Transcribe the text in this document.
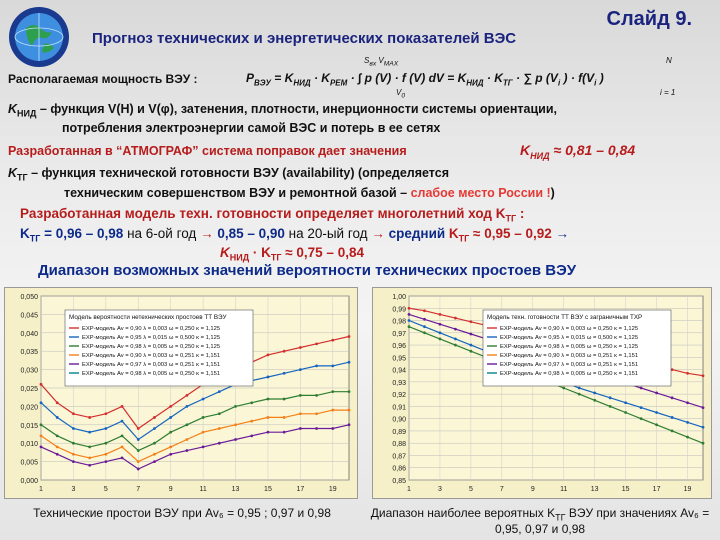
Слайд 9.
Прогноз технических и энергетических показателей ВЭС
Располагаемая мощность ВЭУ :
$S_{вх}$ $V_{MAX}$	N
$P_{ВЭУ} = K_{НИД} \cdot K_{РЕМ}$ · ∫ p (V) · f (V) dV = $K_{НИД} \cdot K_{ТГ}$ · ∑ p ($V_i$ ) · $f(V_i$ )
$V_0$	i = 1
$K_{НИД}$ – функция V(H) и V(φ), затенения, плотности, инерционности системы ориентации,
потребления электроэнергии самой ВЭС и потерь в ее сетях
Разработанная в “АТМОГРАФ” система поправок дает значения	$K_{НИД} \approx 0,81 - 0,84$
$K_{ТГ}$ – функция технической готовности ВЭУ (availability) (определяется
техническим совершенством ВЭУ и ремонтной базой – слабое место России !)
Разработанная модель техн. готовности определяет многолетний ход $K_{ТГ}$ :
$K_{ТГ} = 0,96 - 0,98$ на 6-ой год → 0,85 – 0,90 на 20-ый год → средний $K_{ТГ} \approx 0,95 - 0,92$ →
$K_{НИД} \cdot K_{ТГ} \approx 0,75 - 0,84$
Диапазон возможных значений вероятности технических простоев ВЭУ
0,050
0,045
0,040
0,035
0,030
0,025
0,020
0,015
0,010
0,005
0,000
1	3	5	7	9	11	13	15	17	19
Модель вероятности нетехнических простоев ТТ ВЭУ
ЕХР-модель Av = 0,90 λ = 0,003 ω = 0,250 κ = 1,125
ЕХР-модель Av = 0,95 λ = 0,015 ω = 0,500 κ = 1,125
ЕХР-модель Av = 0,98 λ = 0,005 ω = 0,250 κ = 1,125
ЕХР-модель Av = 0,90 λ = 0,003 ω = 0,251 κ = 1,151
ЕХР-модель Av = 0,97 λ = 0,003 ω = 0,251 κ = 1,151
ЕХР-модель Av = 0,98 λ = 0,005 ω = 0,250 κ = 1,151
1,00
0,99
0,98
0,97
0,96
0,95
0,94
0,93
0,92
0,91
0,90
0,89
0,88
0,87
0,86
0,85
1	3	5	7	9	11	13	15	17	19
Модель техн. готовности ТТ ВЭУ с заграничным ТХР
ЕХР-модель Av = 0,90 λ = 0,003 ω = 0,250 κ = 1,125
ЕХР-модель Av = 0,95 λ = 0,015 ω = 0,500 κ = 1,125
ЕХР-модель Av = 0,98 λ = 0,005 ω = 0,250 κ = 1,125
ЕХР-модель Av = 0,90 λ = 0,003 ω = 0,251 κ = 1,151
ЕХР-модель Av = 0,97 λ = 0,003 ω = 0,251 κ = 1,151
ЕХР-модель Av = 0,98 λ = 0,005 ω = 0,250 κ = 1,151
Технические простои ВЭУ при Av₆ = 0,95 ; 0,97 и 0,98	Диапазон наиболее вероятных $K_{ТГ}$ ВЭУ при значениях Av₆ = 0,95, 0,97 и 0,98
